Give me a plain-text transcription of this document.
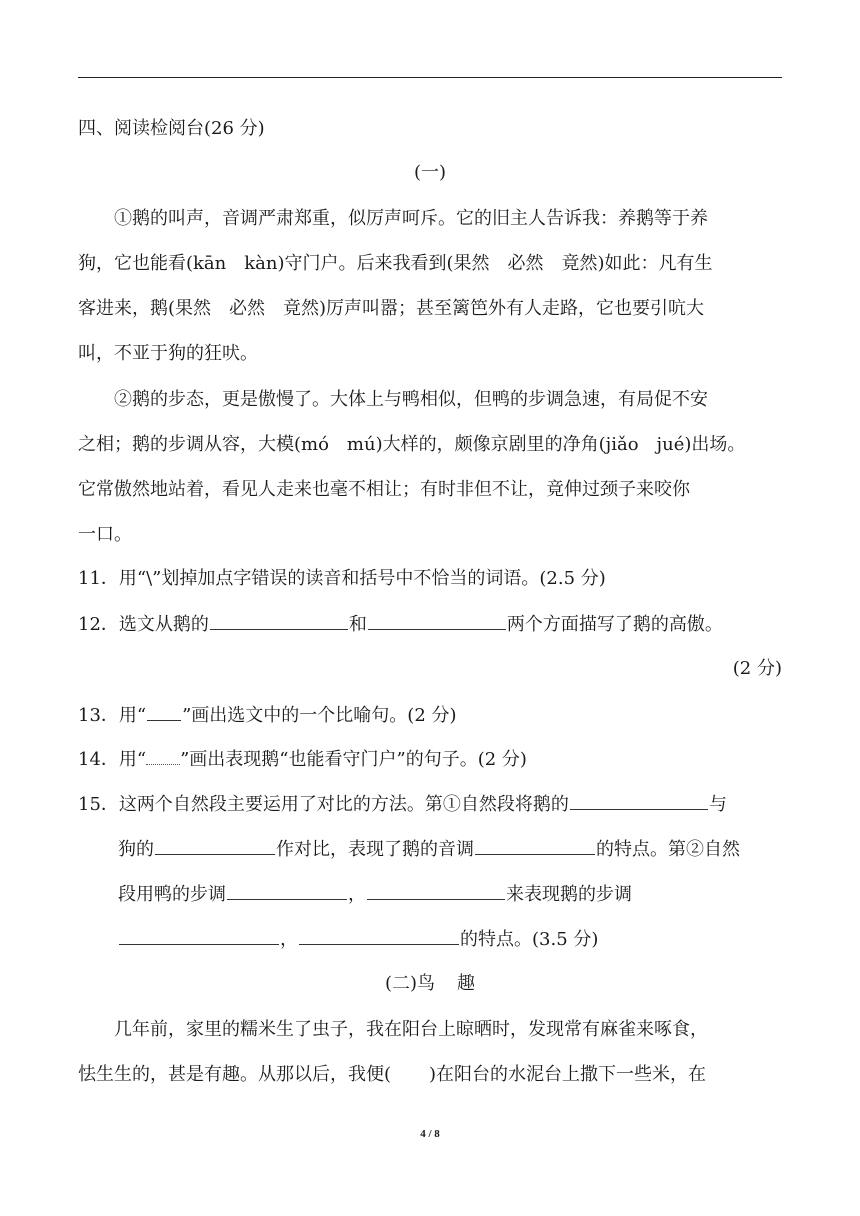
四、阅读检阅台(26 分)
(一)
①鹅的叫声，音调严肃郑重，似厉声呵斥。它的旧主人告诉我：养鹅等于养
狗，它也能看(kān　kàn)守门户。后来我看到(果然　必然　竟然)如此：凡有生
客进来，鹅(果然　必然　竟然)厉声叫嚣；甚至篱笆外有人走路，它也要引吭大
叫，不亚于狗的狂吠。
②鹅的步态，更是傲慢了。大体上与鸭相似，但鸭的步调急速，有局促不安
之相；鹅的步调从容，大模(mó　mú)大样的，颇像京剧里的净角(jiǎo　jué)出场。
它常傲然地站着，看见人走来也毫不相让；有时非但不让，竟伸过颈子来咬你
一口。
11．用“\”划掉加点字错误的读音和括号中不恰当的词语。(2.5 分)
12．选文从鹅的	和	两个方面描写了鹅的高傲。
(2 分)
13．用“ ”画出选文中的一个比喻句。(2 分)
14．用“ ”画出表现鹅“也能看守门户”的句子。(2 分)
15．这两个自然段主要运用了对比的方法。第①自然段将鹅的	与
狗的	作对比，表现了鹅的音调	的特点。第②自然
段用鸭的步调	，	来表现鹅的步调
，	的特点。(3.5 分)
(二)鸟 趣
几年前，家里的糯米生了虫子，我在阳台上晾晒时，发现常有麻雀来啄食，
怯生生的，甚是有趣。从那以后，我便( )在阳台的水泥台上撒下一些米，在
4 / 8
